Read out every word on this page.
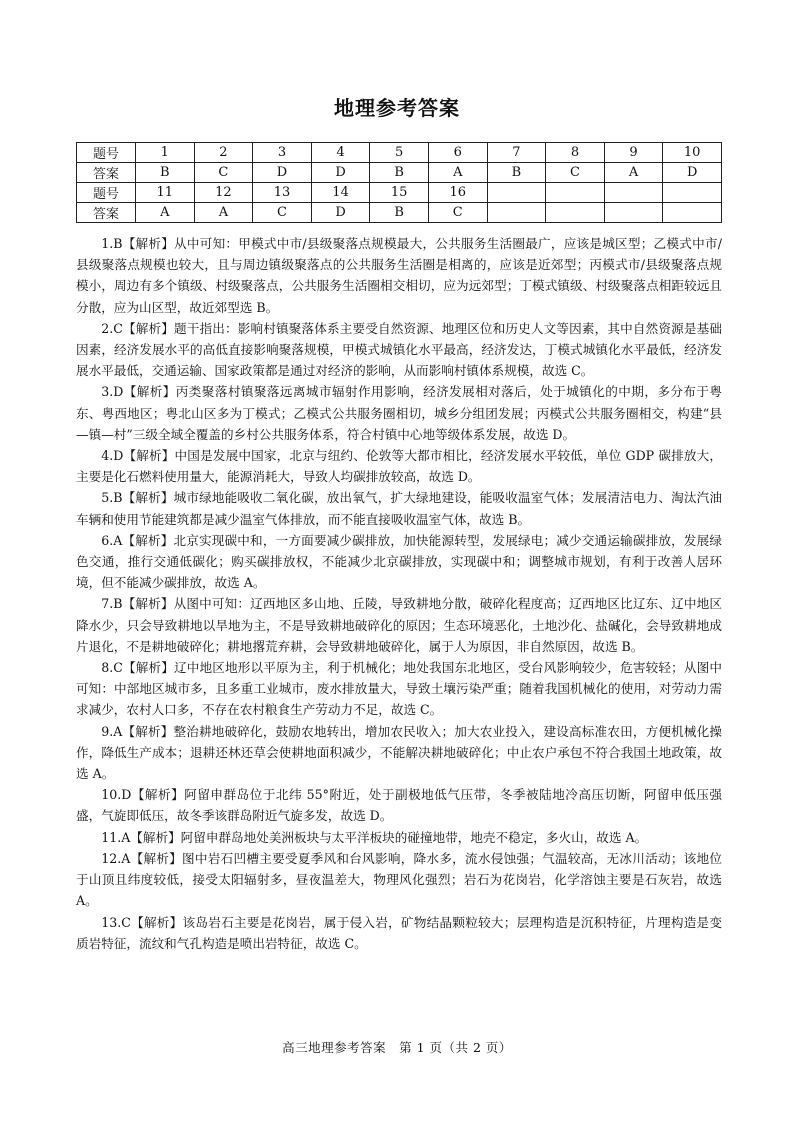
地理参考答案
题号	1	2	3	4	5	6	7	8	9	10
答案	B	C	D	D	B	A	B	C	A	D
题号	11	12	13	14	15	16				
答案	A	A	C	D	B	C				

1.B【解析】从中可知：甲模式中市/县级聚落点规模最大，公共服务生活圈最广，应该是城区型；乙模式中市/县级聚落点规模也较大，且与周边镇级聚落点的公共服务生活圈是相离的，应该是近郊型；丙模式市/县级聚落点规模小，周边有多个镇级、村级聚落点，公共服务生活圈相交相切，应为远郊型；丁模式镇级、村级聚落点相距较远且分散，应为山区型，故近郊型选 B。

2.C【解析】题干指出：影响村镇聚落体系主要受自然资源、地理区位和历史人文等因素，其中自然资源是基础因素，经济发展水平的高低直接影响聚落规模，甲模式城镇化水平最高，经济发达，丁模式城镇化水平最低，经济发展水平最低，交通运输、国家政策都是通过对经济的影响，从而影响村镇体系规模，故选 C。

3.D【解析】丙类聚落村镇聚落远离城市辐射作用影响，经济发展相对落后，处于城镇化的中期，多分布于粤东、粤西地区；粤北山区多为丁模式；乙模式公共服务圈相切，城乡分组团发展；丙模式公共服务圈相交，构建“县—镇—村”三级全域全覆盖的乡村公共服务体系，符合村镇中心地等级体系发展，故选 D。

4.D【解析】中国是发展中国家，北京与纽约、伦敦等大都市相比，经济发展水平较低，单位 GDP 碳排放大，主要是化石燃料使用量大，能源消耗大，导致人均碳排放较高，故选 D。

5.B【解析】城市绿地能吸收二氧化碳，放出氧气，扩大绿地建设，能吸收温室气体；发展清洁电力、淘汰汽油车辆和使用节能建筑都是减少温室气体排放，而不能直接吸收温室气体，故选 B。

6.A【解析】北京实现碳中和，一方面要减少碳排放，加快能源转型，发展绿电；减少交通运输碳排放，发展绿色交通，推行交通低碳化；购买碳排放权，不能减少北京碳排放，实现碳中和；调整城市规划，有利于改善人居环境，但不能减少碳排放，故选 A。

7.B【解析】从图中可知：辽西地区多山地、丘陵，导致耕地分散，破碎化程度高；辽西地区比辽东、辽中地区降水少，只会导致耕地以旱地为主，不是导致耕地破碎化的原因；生态环境恶化，土地沙化、盐碱化，会导致耕地成片退化，不是耕地破碎化；耕地撂荒弃耕，会导致耕地破碎化，属于人为原因，非自然原因，故选 B。

8.C【解析】辽中地区地形以平原为主，利于机械化；地处我国东北地区，受台风影响较少，危害较轻；从图中可知：中部地区城市多，且多重工业城市，废水排放量大，导致土壤污染严重；随着我国机械化的使用，对劳动力需求减少，农村人口多，不存在农村粮食生产劳动力不足，故选 C。

9.A【解析】整治耕地破碎化，鼓励农地转出，增加农民收入；加大农业投入，建设高标准农田，方便机械化操作，降低生产成本；退耕还林还草会使耕地面积减少，不能解决耕地破碎化；中止农户承包不符合我国土地政策，故选 A。

10.D【解析】阿留申群岛位于北纬 55°附近，处于副极地低气压带，冬季被陆地冷高压切断，阿留申低压强盛，气旋即低压，故冬季该群岛附近气旋多发，故选 D。

11.A【解析】阿留申群岛地处美洲板块与太平洋板块的碰撞地带，地壳不稳定，多火山，故选 A。

12.A【解析】图中岩石凹槽主要受夏季风和台风影响，降水多，流水侵蚀强；气温较高，无冰川活动；该地位于山顶且纬度较低，接受太阳辐射多，昼夜温差大，物理风化强烈；岩石为花岗岩，化学溶蚀主要是石灰岩，故选 A。

13.C【解析】该岛岩石主要是花岗岩，属于侵入岩，矿物结晶颗粒较大；层理构造是沉积特征，片理构造是变质岩特征，流纹和气孔构造是喷出岩特征，故选 C。

高三地理参考答案　第 1 页（共 2 页）
